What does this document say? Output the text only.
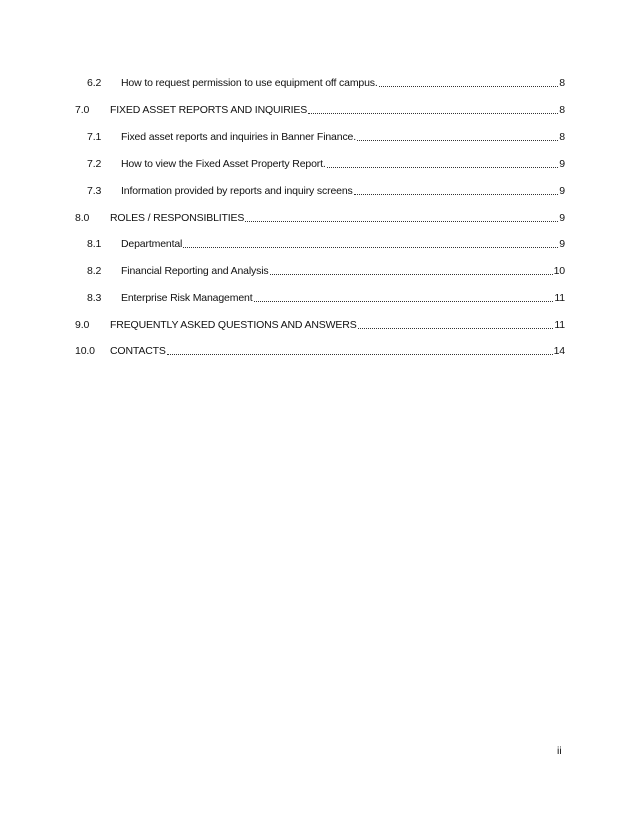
6.2	How to request permission to use equipment off campus.	8
7.0	FIXED ASSET REPORTS AND INQUIRIES	8
7.1	Fixed asset reports and inquiries in Banner Finance.	8
7.2	How to view the Fixed Asset Property Report.	9
7.3	Information provided by reports and inquiry screens	9
8.0	ROLES / RESPONSIBLITIES	9
8.1	Departmental	9
8.2	Financial Reporting and Analysis	10
8.3	Enterprise Risk Management	11
9.0	FREQUENTLY ASKED QUESTIONS AND ANSWERS	11
10.0	CONTACTS	14
ii
